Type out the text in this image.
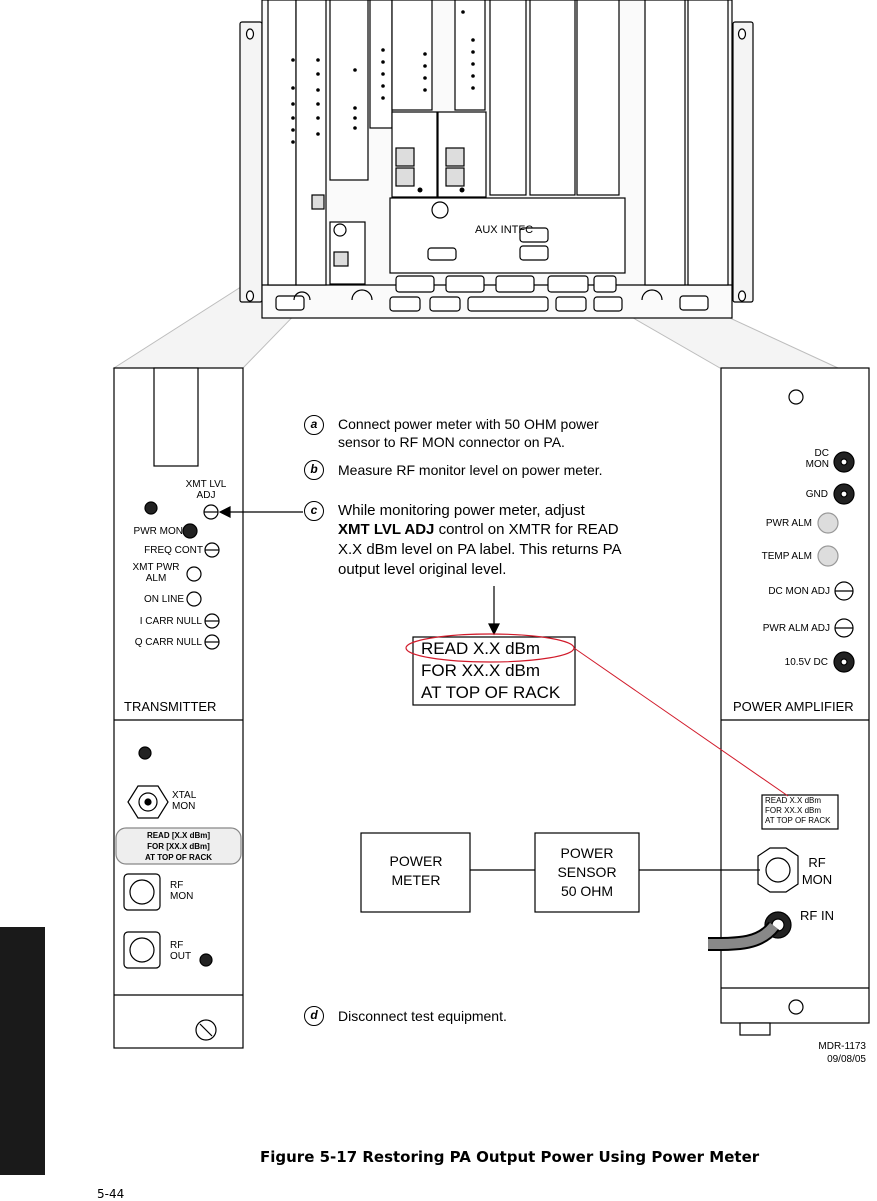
AUX INTFC
XMT LVL ADJ
PWR MON
FREQ CONT
XMT PWR ALM
ON LINE
I CARR NULL
Q CARR NULL
TRANSMITTER
XTAL MON
READ [X.X dBm]
FOR [XX.X dBm]
AT TOP OF RACK
RF MON
RF OUT
DC MON
GND
PWR ALM
TEMP ALM
DC MON ADJ
PWR ALM ADJ
10.5V DC
POWER AMPLIFIER
READ X.X dBm
FOR XX.X dBm
AT TOP OF RACK
RF MON
RF IN
a	Connect power meter with 50 OHM power
sensor to RF MON connector on PA.
b	Measure RF monitor level on power meter.
c	While monitoring power meter, adjust
XMT LVL ADJ control on XMTR for READ
X.X dBm level on PA label. This returns PA
output level original level.
d	Disconnect test equipment.
READ X.X dBm
FOR XX.X dBm
AT TOP OF RACK
POWER METER
POWER SENSOR 50 OHM
MDR-1173
09/08/05
Figure 5-17 Restoring PA Output Power Using Power Meter
5-44
